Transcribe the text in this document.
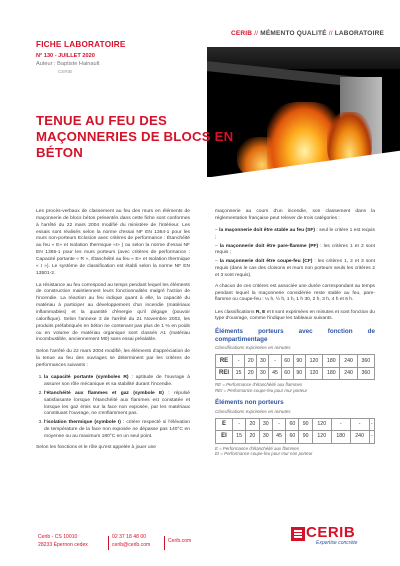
CERIB // MÉMENTO QUALITÉ // LABORATOIRE
FICHE LABORATOIRE
N° 130 - JUILLET 2020
Auteur : Baptiste Hainault
CERIB
TENUE AU FEU DES MAÇONNERIES DE BLOCS EN BÉTON

Les procès-verbaux de classement au feu des murs en éléments de maçonnerie de blocs béton présentés dans cette fiche sont conformes à l'arrêté du 22 mars 2004 modifié du ministère de l'intérieur. Les essais sont réalisés selon la norme d'essai NF EN 1364-1 pour les murs non-porteurs Eclosion avec critères de performance : Étanchéité au feu « E» et Isolation thermique «I» ) ou selon la norme d'essai NF EN 1365-1 pour les murs porteurs (avec critères de performance : Capacité portante « R », Étanchéité au feu « E» et Isolation thermique « I »). Le système de classification est établi selon la norme NF EN 13501-2.

La résistance au feu correspond au temps pendant lequel les éléments de construction maintiennent leurs fonctionnalités malgré l'action de l'incendie. La réaction au feu indique quant à elle, la capacité du matériau à participer au développement d'un incendie (matériaux inflammables) et la quantité d'énergie qu'il dégage (pouvoir calorifique). Selon l'annexe 3 de l'arrêté du 21 Novembre 2002, les produits préfabriqués en béton ne contenant pas plus de 1 % en poids ou en volume de matériau organique sont classés A1 (matériau incombustible, anciennement M0) sans essai préalable.

Selon l'arrêté du 22 mars 2004 modifié, les éléments d'appréciation de la tenue au feu des ouvrages se déterminent par les critères de performances suivants :

1. la capacité portante (symboles R) : aptitude de l'ouvrage à assurer son rôle mécanique et sa stabilité durant l'incendie.
2. l'étanchéité aux flammes et gaz (symbole E) : répulsé satisfaisante lorsque l'étanchéité aux flammes est constatée et lorsque les gaz émis sur la face non exposée, par les matériaux constituant l'ouvrage, ne s'enflamment pas.
3. l'isolation thermique (symbole I) : critère respecté si l'élévation de température de la face non exposée ne dépasse pas 140°C en moyenne ou au maximum 180°C en un seul point.

Selon les fonctions et le rôle qu'est appelée à jouer une

maçonnerie au cours d'un incendie, son classement dans la réglementation française peut relever de trois catégories :

– la maçonnerie doit être stable au feu (SF) : seul le critère 1 est requis ;
– la maçonnerie doit être pare-flamme (PF) : les critères 1 et 2 sont requis ;
– la maçonnerie doit être coupe-feu (CF) : les critères 1, 2 et 3 sont requis (dans le cas des cloisons et murs non porteurs seuls les critères 2 et 3 sont requis).

A chacun de ces critères est associée une durée correspondant au temps pendant lequel la maçonnerie considérée reste stable au feu, pare-flamme ou coupe-feu : ¼ h, ½ h, 1 h, 1 h 30, 2 h, 3 h, 4 h et 6 h.

Les classifications R, E et I sont exprimées en minutes et sont fonction du type d'ouvrage, comme l'indique les tableaux suivants.

Éléments porteurs avec fonction de compartimentage
Classifications exprimées en minutes
RE	-	20	30	-	60	90	120	180	240	360
REI	15	20	30	45	60	90	120	180	240	360
RE = Performance d'étanchéité aux flammes
REI = Performance coupe-feu pour mur porteur
Éléments non porteurs
Classifications exprimées en minutes
E	-	20	30	-	60	90	120	-	-	-
EI	15	20	30	45	60	90	120	180	240	-
E = Performance d'étanchéité aux flammes
EI = Performance coupe-feu pour mur non porteur
Cerib - CS 10010
28233 Épernon cedex
02 37 18 48 00
cerib@cerib.com
Cerib.com	CERIB
Expertise concrète
